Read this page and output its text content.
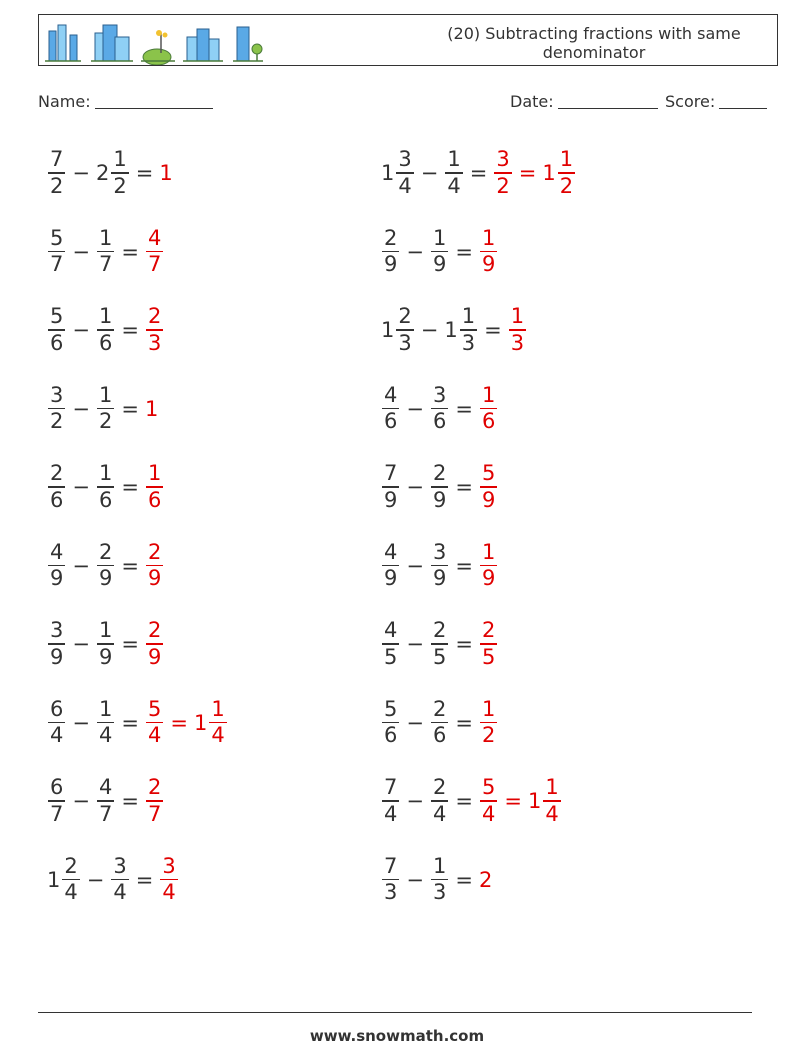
(20) Subtracting fractions with same
denominator
Name:	Date:	Score:
$\frac{7}{2} - 2 \frac{1}{2} = 1$	$1 \frac{3}{4} - \frac{1}{4} = \frac{3}{2} = 1 \frac{1}{2}$
$\frac{5}{7} - \frac{1}{7} = \frac{4}{7}$	$\frac{2}{9} - \frac{1}{9} = \frac{1}{9}$
$\frac{5}{6} - \frac{1}{6} = \frac{2}{3}$	$1 \frac{2}{3} - 1 \frac{1}{3} = \frac{1}{3}$
$\frac{3}{2} - \frac{1}{2} = 1$	$\frac{4}{6} - \frac{3}{6} = \frac{1}{6}$
$\frac{2}{6} - \frac{1}{6} = \frac{1}{6}$	$\frac{7}{9} - \frac{2}{9} = \frac{5}{9}$
$\frac{4}{9} - \frac{2}{9} = \frac{2}{9}$	$\frac{4}{9} - \frac{3}{9} = \frac{1}{9}$
$\frac{3}{9} - \frac{1}{9} = \frac{2}{9}$	$\frac{4}{5} - \frac{2}{5} = \frac{2}{5}$
$\frac{6}{4} - \frac{1}{4} = \frac{5}{4} = 1 \frac{1}{4}$	$\frac{5}{6} - \frac{2}{6} = \frac{1}{2}$
$\frac{6}{7} - \frac{4}{7} = \frac{2}{7}$	$\frac{7}{4} - \frac{2}{4} = \frac{5}{4} = 1 \frac{1}{4}$
$1 \frac{2}{4} - \frac{3}{4} = \frac{3}{4}$	$\frac{7}{3} - \frac{1}{3} = 2$
www.snowmath.com
